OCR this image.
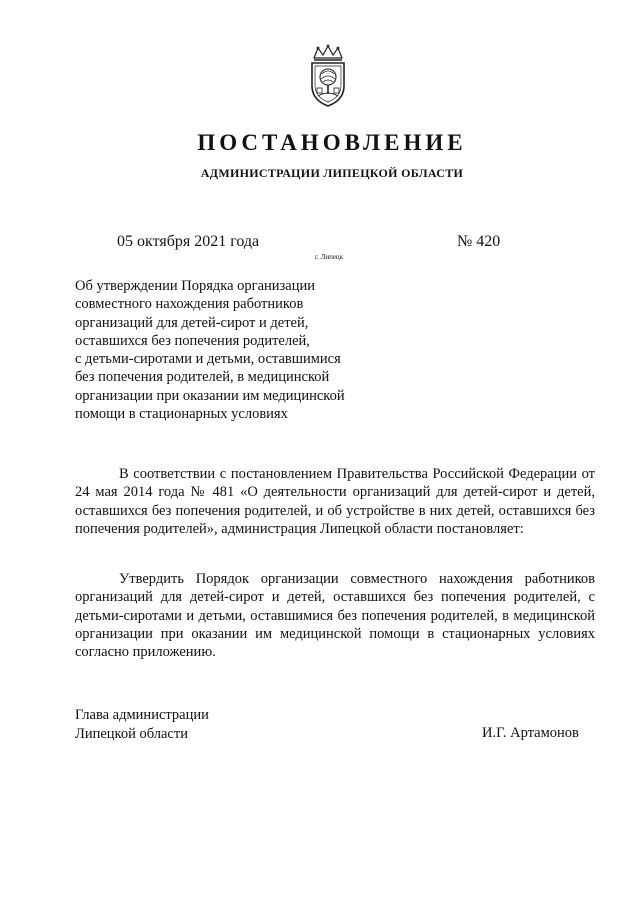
ПОСТАНОВЛЕНИЕ
АДМИНИСТРАЦИИ ЛИПЕЦКОЙ ОБЛАСТИ
05 октября 2021 года	№ 420
г. Липецк
Об утверждении Порядка организации
совместного нахождения работников
организаций для детей-сирот и детей,
оставшихся без попечения родителей,
с детьми-сиротами и детьми, оставшимися
без попечения родителей, в медицинской
организации при оказании им медицинской
помощи в стационарных условиях
В соответствии с постановлением Правительства Российской Федерации от 24 мая 2014 года № 481 «О деятельности организаций для детей-сирот и детей, оставшихся без попечения родителей, и об устройстве в них детей, оставшихся без попечения родителей», администрация Липецкой области постановляет:
Утвердить Порядок организации совместного нахождения работников организаций для детей-сирот и детей, оставшихся без попечения родителей, с детьми-сиротами и детьми, оставшимися без попечения родителей, в медицинской организации при оказании им медицинской помощи в стационарных условиях согласно приложению.
Глава администрации
Липецкой области	И.Г. Артамонов
